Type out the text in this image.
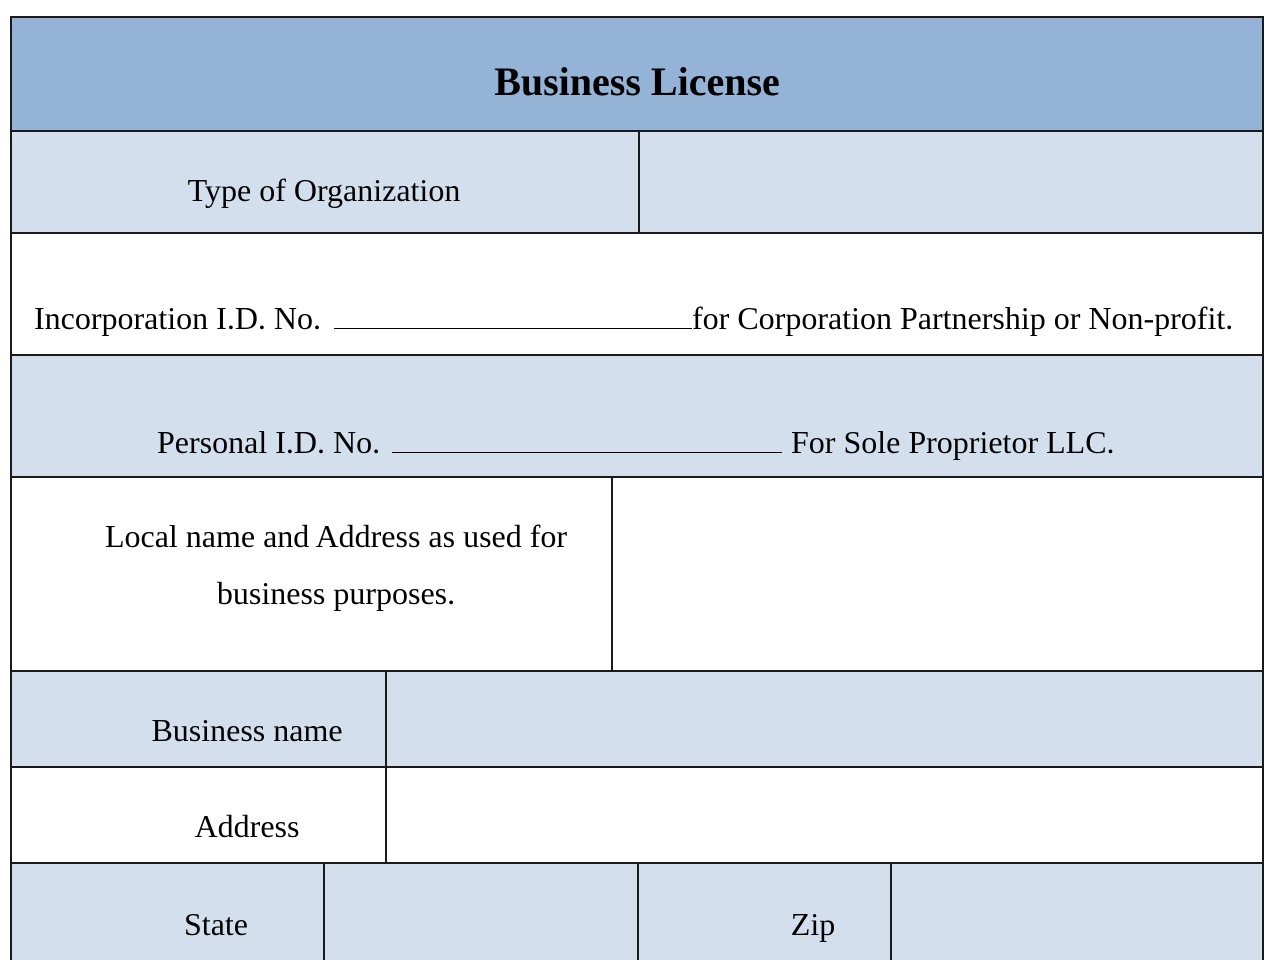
Business License
Type of Organization
Incorporation I.D. No.	for Corporation Partnership or Non-profit.
Personal I.D. No.	For Sole Proprietor LLC.
Local name and Address as used for
business purposes.
Business name
Address
State	Zip
